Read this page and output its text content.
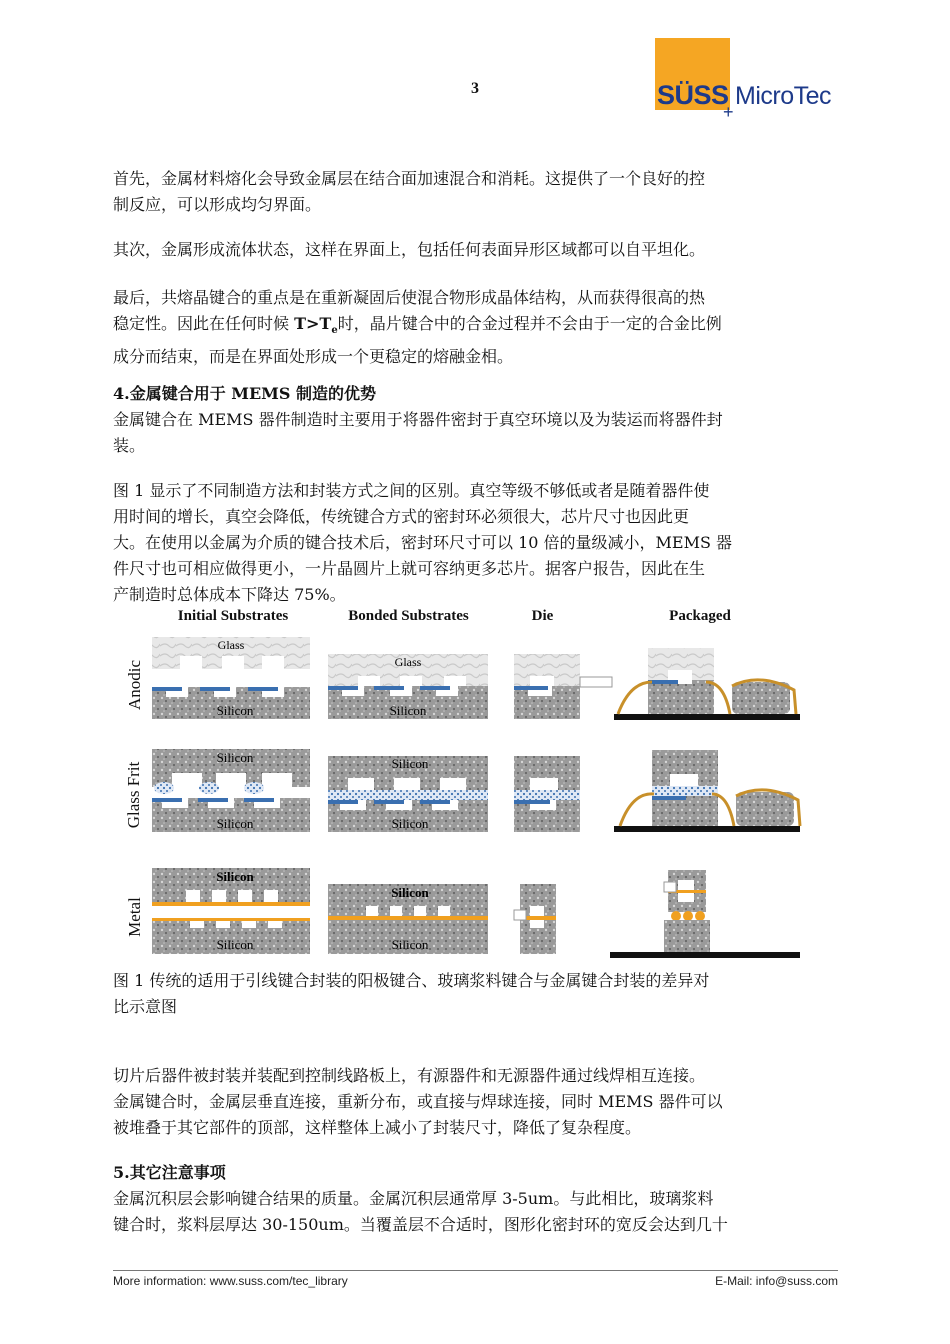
3	SÜSS
+
MicroTec

首先，金属材料熔化会导致金属层在结合面加速混合和消耗。这提供了一个良好的控

制反应，可以形成均匀界面。

其次，金属形成流体状态，这样在界面上，包括任何表面异形区域都可以自平坦化。

最后，共熔晶键合的重点是在重新凝固后使混合物形成晶体结构，从而获得很高的热

稳定性。因此在任何时候 $T>T_e$时，晶片键合中的合金过程并不会由于一定的合金比例

成分而结束，而是在界面处形成一个更稳定的熔融金相。

4.金属键合用于 MEMS 制造的优势

金属键合在 MEMS 器件制造时主要用于将器件密封于真空环境以及为装运而将器件封

装。

图 1 显示了不同制造方法和封装方式之间的区别。真空等级不够低或者是随着器件使

用时间的增长，真空会降低，传统键合方式的密封环必须很大，芯片尺寸也因此更

大。在使用以金属为介质的键合技术后，密封环尺寸可以 10 倍的量级减小，MEMS 器

件尺寸也可相应做得更小，一片晶圆片上就可容纳更多芯片。据客户报告，因此在生

产制造时总体成本下降达 75%。

Initial Substrates	Bonded Substrates	Die	Packaged
Anodic
Glass Frit
Metal
Glass
Silicon
Glass
Silicon
Silicon
Silicon
Silicon
Silicon
Silicon
Silicon
Silicon
Silicon

图 1 传统的适用于引线键合封装的阳极键合、玻璃浆料键合与金属键合封装的差异对

比示意图

切片后器件被封装并装配到控制线路板上，有源器件和无源器件通过线焊相互连接。

金属键合时，金属层垂直连接，重新分布，或直接与焊球连接，同时 MEMS 器件可以

被堆叠于其它部件的顶部，这样整体上减小了封装尺寸，降低了复杂程度。

5.其它注意事项

金属沉积层会影响键合结果的质量。金属沉积层通常厚 3-5um。与此相比，玻璃浆料

键合时，浆料层厚达 30-150um。当覆盖层不合适时，图形化密封环的宽反会达到几十

More information: www.suss.com/tec_library	E-Mail: info@suss.com
